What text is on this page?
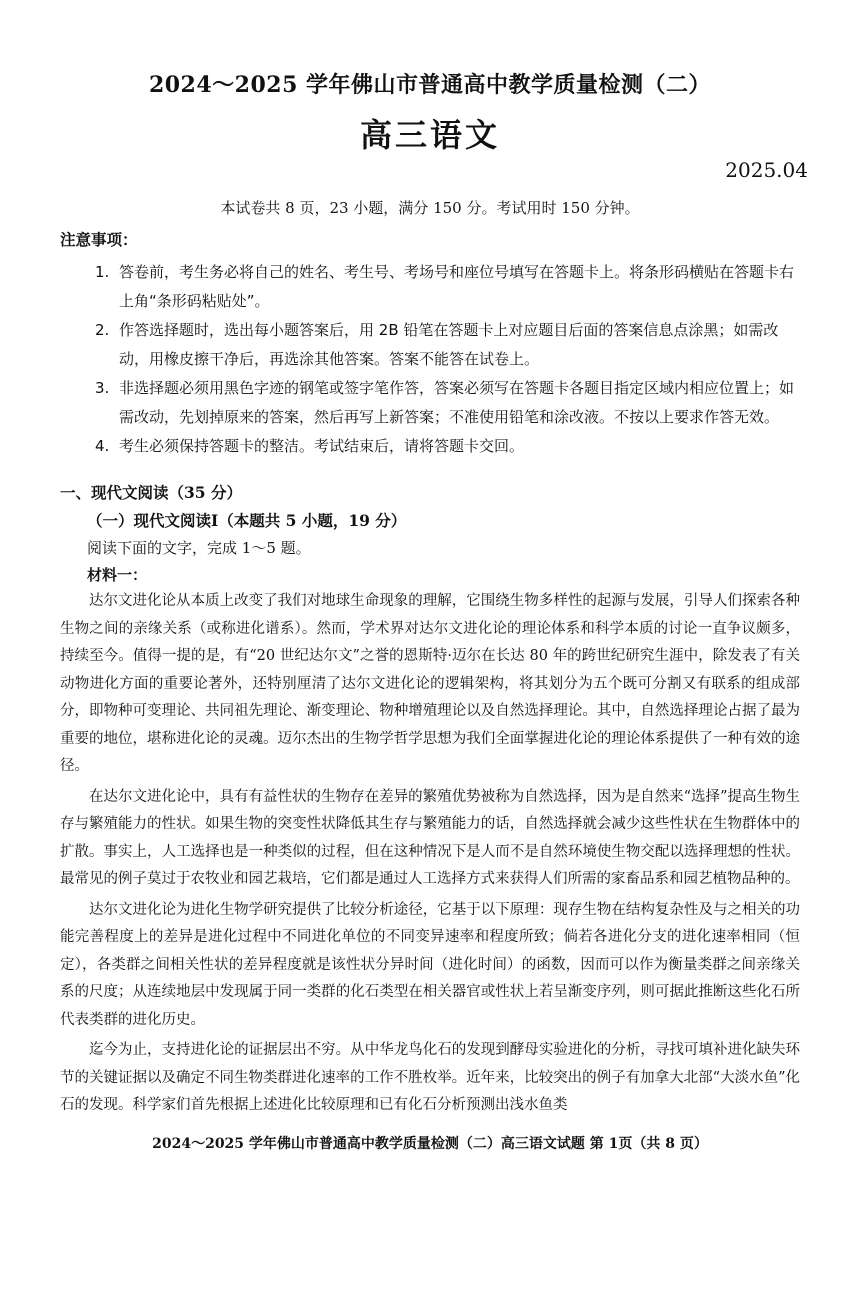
2024～2025 学年佛山市普通高中教学质量检测（二）
高三语文
2025.04
本试卷共 8 页，23 小题，满分 150 分。考试用时 150 分钟。
注意事项：
1. 答卷前，考生务必将自己的姓名、考生号、考场号和座位号填写在答题卡上。将条形码横贴在答题卡右上角“条形码粘贴处”。
2. 作答选择题时，选出每小题答案后，用 2B 铅笔在答题卡上对应题目后面的答案信息点涂黑；如需改动，用橡皮擦干净后，再选涂其他答案。答案不能答在试卷上。
3. 非选择题必须用黑色字迹的钢笔或签字笔作答，答案必须写在答题卡各题目指定区域内相应位置上；如需改动，先划掉原来的答案，然后再写上新答案；不准使用铅笔和涂改液。不按以上要求作答无效。
4. 考生必须保持答题卡的整洁。考试结束后，请将答题卡交回。
一、现代文阅读（35 分）
（一）现代文阅读Ⅰ（本题共 5 小题，19 分）
阅读下面的文字，完成 1～5 题。
材料一：

达尔文进化论从本质上改变了我们对地球生命现象的理解，它围绕生物多样性的起源与发展，引导人们探索各种生物之间的亲缘关系（或称进化谱系）。然而，学术界对达尔文进化论的理论体系和科学本质的讨论一直争议颇多，持续至今。值得一提的是，有“20 世纪达尔文”之誉的恩斯特·迈尔在长达 80 年的跨世纪研究生涯中，除发表了有关动物进化方面的重要论著外，还特别厘清了达尔文进化论的逻辑架构，将其划分为五个既可分割又有联系的组成部分，即物种可变理论、共同祖先理论、渐变理论、物种增殖理论以及自然选择理论。其中，自然选择理论占据了最为重要的地位，堪称进化论的灵魂。迈尔杰出的生物学哲学思想为我们全面掌握进化论的理论体系提供了一种有效的途径。

在达尔文进化论中，具有有益性状的生物存在差异的繁殖优势被称为自然选择，因为是自然来“选择”提高生物生存与繁殖能力的性状。如果生物的突变性状降低其生存与繁殖能力的话，自然选择就会减少这些性状在生物群体中的扩散。事实上，人工选择也是一种类似的过程，但在这种情况下是人而不是自然环境使生物交配以选择理想的性状。最常见的例子莫过于农牧业和园艺栽培，它们都是通过人工选择方式来获得人们所需的家畜品系和园艺植物品种的。

达尔文进化论为进化生物学研究提供了比较分析途径，它基于以下原理：现存生物在结构复杂性及与之相关的功能完善程度上的差异是进化过程中不同进化单位的不同变异速率和程度所致；倘若各进化分支的进化速率相同（恒定），各类群之间相关性状的差异程度就是该性状分异时间（进化时间）的函数，因而可以作为衡量类群之间亲缘关系的尺度；从连续地层中发现属于同一类群的化石类型在相关器官或性状上若呈渐变序列，则可据此推断这些化石所代表类群的进化历史。

迄今为止，支持进化论的证据层出不穷。从中华龙鸟化石的发现到酵母实验进化的分析，寻找可填补进化缺失环节的关键证据以及确定不同生物类群进化速率的工作不胜枚举。近年来，比较突出的例子有加拿大北部“大淡水鱼”化石的发现。科学家们首先根据上述进化比较原理和已有化石分析预测出浅水鱼类

2024～2025 学年佛山市普通高中教学质量检测（二）高三语文试题 第 1页（共 8 页）
